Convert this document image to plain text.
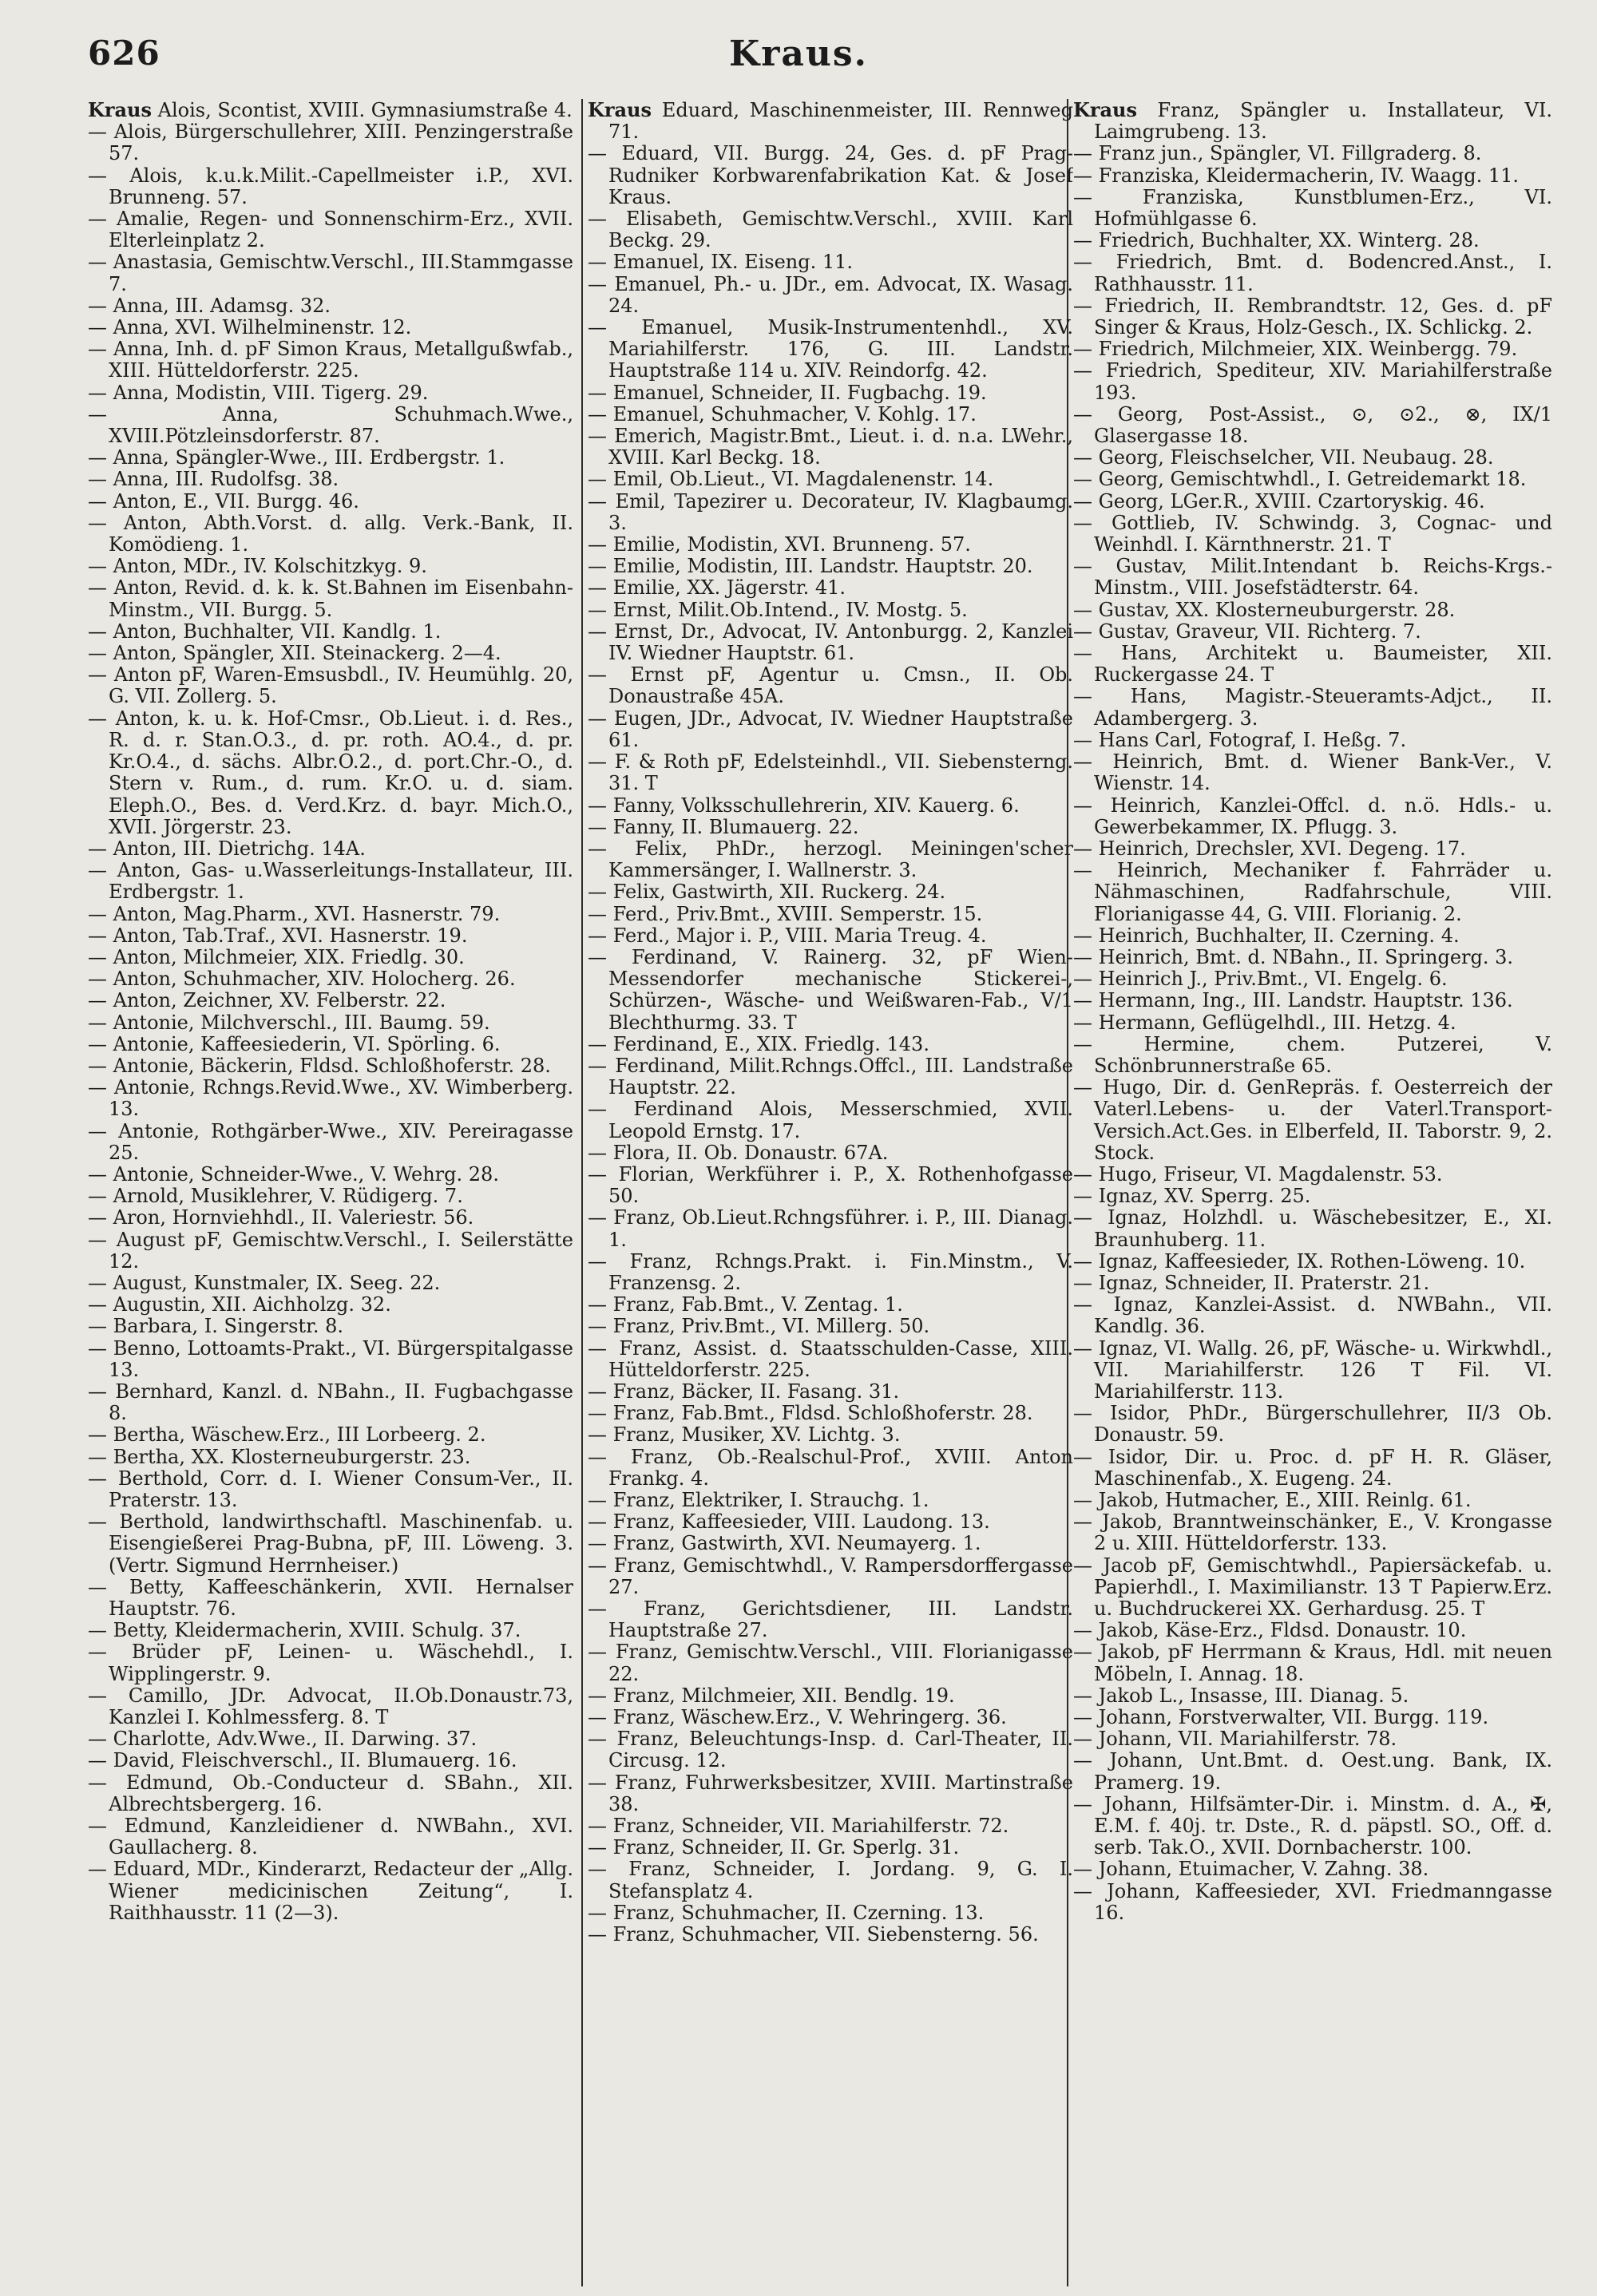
626	Kraus.
Kraus Alois, Scontist, XVIII. Gymnasiumstraße 4.
— Alois, Bürgerschullehrer, XIII. Penzingerstraße 57.
— Alois, k.u.k.Milit.-Capellmeister i.P., XVI. Brunneng. 57.
— Amalie, Regen- und Sonnenschirm-Erz., XVII. Elterleinplatz 2.
— Anastasia, Gemischtw.Verschl., III.Stammgasse 7.
— Anna, III. Adamsg. 32.
— Anna, XVI. Wilhelminenstr. 12.
— Anna, Inh. d. pF Simon Kraus, Metallgußwfab., XIII. Hütteldorferstr. 225.
— Anna, Modistin, VIII. Tigerg. 29.
— Anna, Schuhmach.Wwe., XVIII.Pötzleinsdorferstr. 87.
— Anna, Spängler-Wwe., III. Erdbergstr. 1.
— Anna, III. Rudolfsg. 38.
— Anton, E., VII. Burgg. 46.
— Anton, Abth.Vorst. d. allg. Verk.-Bank, II. Komödieng. 1.
— Anton, MDr., IV. Kolschitzkyg. 9.
— Anton, Revid. d. k. k. St.Bahnen im Eisenbahn-Minstm., VII. Burgg. 5.
— Anton, Buchhalter, VII. Kandlg. 1.
— Anton, Spängler, XII. Steinackerg. 2—4.
— Anton pF, Waren-Emsusbdl., IV. Heumühlg. 20, G. VII. Zollerg. 5.
— Anton, k. u. k. Hof-Cmsr., Ob.Lieut. i. d. Res., R. d. r. Stan.O.3., d. pr. roth. AO.4., d. pr. Kr.O.4., d. sächs. Albr.O.2., d. port.Chr.-O., d. Stern v. Rum., d. rum. Kr.O. u. d. siam. Eleph.O., Bes. d. Verd.Krz. d. bayr. Mich.O., XVII. Jörgerstr. 23.
— Anton, III. Dietrichg. 14A.
— Anton, Gas- u.Wasserleitungs-Installateur, III. Erdbergstr. 1.
— Anton, Mag.Pharm., XVI. Hasnerstr. 79.
— Anton, Tab.Traf., XVI. Hasnerstr. 19.
— Anton, Milchmeier, XIX. Friedlg. 30.
— Anton, Schuhmacher, XIV. Holocherg. 26.
— Anton, Zeichner, XV. Felberstr. 22.
— Antonie, Milchverschl., III. Baumg. 59.
— Antonie, Kaffeesiederin, VI. Spörling. 6.
— Antonie, Bäckerin, Fldsd. Schloßhoferstr. 28.
— Antonie, Rchngs.Revid.Wwe., XV. Wimberberg. 13.
— Antonie, Rothgärber-Wwe., XIV. Pereiragasse 25.
— Antonie, Schneider-Wwe., V. Wehrg. 28.
— Arnold, Musiklehrer, V. Rüdigerg. 7.
— Aron, Hornviehhdl., II. Valeriestr. 56.
— August pF, Gemischtw.Verschl., I. Seilerstätte 12.
— August, Kunstmaler, IX. Seeg. 22.
— Augustin, XII. Aichholzg. 32.
— Barbara, I. Singerstr. 8.
— Benno, Lottoamts-Prakt., VI. Bürgerspitalgasse 13.
— Bernhard, Kanzl. d. NBahn., II. Fugbachgasse 8.
— Bertha, Wäschew.Erz., III Lorbeerg. 2.
— Bertha, XX. Klosterneuburgerstr. 23.
— Berthold, Corr. d. I. Wiener Consum-Ver., II. Praterstr. 13.
— Berthold, landwirthschaftl. Maschinenfab. u. Eisengießerei Prag-Bubna, pF, III. Löweng. 3. (Vertr. Sigmund Herrnheiser.)
— Betty, Kaffeeschänkerin, XVII. Hernalser Hauptstr. 76.
— Betty, Kleidermacherin, XVIII. Schulg. 37.
— Brüder pF, Leinen- u. Wäschehdl., I. Wipplingerstr. 9.
— Camillo, JDr. Advocat, II.Ob.Donaustr.73, Kanzlei I. Kohlmessferg. 8. T
— Charlotte, Adv.Wwe., II. Darwing. 37.
— David, Fleischverschl., II. Blumauerg. 16.
— Edmund, Ob.-Conducteur d. SBahn., XII. Albrechtsbergerg. 16.
— Edmund, Kanzleidiener d. NWBahn., XVI. Gaullacherg. 8.
— Eduard, MDr., Kinderarzt, Redacteur der „Allg. Wiener medicinischen Zeitung“, I. Raithhausstr. 11 (2—3).
Kraus Eduard, Maschinenmeister, III. Rennweg 71.
— Eduard, VII. Burgg. 24, Ges. d. pF Prag-Rudniker Korbwarenfabrikation Kat. & Josef Kraus.
— Elisabeth, Gemischtw.Verschl., XVIII. Karl Beckg. 29.
— Emanuel, IX. Eiseng. 11.
— Emanuel, Ph.- u. JDr., em. Advocat, IX. Wasag. 24.
— Emanuel, Musik-Instrumentenhdl., XV. Mariahilferstr. 176, G. III. Landstr. Hauptstraße 114 u. XIV. Reindorfg. 42.
— Emanuel, Schneider, II. Fugbachg. 19.
— Emanuel, Schuhmacher, V. Kohlg. 17.
— Emerich, Magistr.Bmt., Lieut. i. d. n.a. LWehr., XVIII. Karl Beckg. 18.
— Emil, Ob.Lieut., VI. Magdalenenstr. 14.
— Emil, Tapezirer u. Decorateur, IV. Klagbaumg. 3.
— Emilie, Modistin, XVI. Brunneng. 57.
— Emilie, Modistin, III. Landstr. Hauptstr. 20.
— Emilie, XX. Jägerstr. 41.
— Ernst, Milit.Ob.Intend., IV. Mostg. 5.
— Ernst, Dr., Advocat, IV. Antonburgg. 2, Kanzlei IV. Wiedner Hauptstr. 61.
— Ernst pF, Agentur u. Cmsn., II. Ob. Donaustraße 45A.
— Eugen, JDr., Advocat, IV. Wiedner Hauptstraße 61.
— F. & Roth pF, Edelsteinhdl., VII. Siebensterng. 31. T
— Fanny, Volksschullehrerin, XIV. Kauerg. 6.
— Fanny, II. Blumauerg. 22.
— Felix, PhDr., herzogl. Meiningen'scher Kammersänger, I. Wallnerstr. 3.
— Felix, Gastwirth, XII. Ruckerg. 24.
— Ferd., Priv.Bmt., XVIII. Semperstr. 15.
— Ferd., Major i. P., VIII. Maria Treug. 4.
— Ferdinand, V. Rainerg. 32, pF Wien-Messendorfer mechanische Stickerei-, Schürzen-, Wäsche- und Weißwaren-Fab., V/1 Blechthurmg. 33. T
— Ferdinand, E., XIX. Friedlg. 143.
— Ferdinand, Milit.Rchngs.Offcl., III. Landstraße Hauptstr. 22.
— Ferdinand Alois, Messerschmied, XVII. Leopold Ernstg. 17.
— Flora, II. Ob. Donaustr. 67A.
— Florian, Werkführer i. P., X. Rothenhofgasse 50.
— Franz, Ob.Lieut.Rchngsführer. i. P., III. Dianag. 1.
— Franz, Rchngs.Prakt. i. Fin.Minstm., V. Franzensg. 2.
— Franz, Fab.Bmt., V. Zentag. 1.
— Franz, Priv.Bmt., VI. Millerg. 50.
— Franz, Assist. d. Staatsschulden-Casse, XIII. Hütteldorferstr. 225.
— Franz, Bäcker, II. Fasang. 31.
— Franz, Fab.Bmt., Fldsd. Schloßhoferstr. 28.
— Franz, Musiker, XV. Lichtg. 3.
— Franz, Ob.-Realschul-Prof., XVIII. Anton Frankg. 4.
— Franz, Elektriker, I. Strauchg. 1.
— Franz, Kaffeesieder, VIII. Laudong. 13.
— Franz, Gastwirth, XVI. Neumayerg. 1.
— Franz, Gemischtwhdl., V. Rampersdorffergasse 27.
— Franz, Gerichtsdiener, III. Landstr. Hauptstraße 27.
— Franz, Gemischtw.Verschl., VIII. Florianigasse 22.
— Franz, Milchmeier, XII. Bendlg. 19.
— Franz, Wäschew.Erz., V. Wehringerg. 36.
— Franz, Beleuchtungs-Insp. d. Carl-Theater, II. Circusg. 12.
— Franz, Fuhrwerksbesitzer, XVIII. Martinstraße 38.
— Franz, Schneider, VII. Mariahilferstr. 72.
— Franz, Schneider, II. Gr. Sperlg. 31.
— Franz, Schneider, I. Jordang. 9, G. I. Stefansplatz 4.
— Franz, Schuhmacher, II. Czerning. 13.
— Franz, Schuhmacher, VII. Siebensterng. 56.
Kraus Franz, Spängler u. Installateur, VI. Laimgrubeng. 13.
— Franz jun., Spängler, VI. Fillgraderg. 8.
— Franziska, Kleidermacherin, IV. Waagg. 11.
— Franziska, Kunstblumen-Erz., VI. Hofmühlgasse 6.
— Friedrich, Buchhalter, XX. Winterg. 28.
— Friedrich, Bmt. d. Bodencred.Anst., I. Rathhausstr. 11.
— Friedrich, II. Rembrandtstr. 12, Ges. d. pF Singer & Kraus, Holz-Gesch., IX. Schlickg. 2.
— Friedrich, Milchmeier, XIX. Weinbergg. 79.
— Friedrich, Spediteur, XIV. Mariahilferstraße 193.
— Georg, Post-Assist., ⊙, ⊙2., ⊗, IX/1 Glasergasse 18.
— Georg, Fleischselcher, VII. Neubaug. 28.
— Georg, Gemischtwhdl., I. Getreidemarkt 18.
— Georg, LGer.R., XVIII. Czartoryskig. 46.
— Gottlieb, IV. Schwindg. 3, Cognac- und Weinhdl. I. Kärnthnerstr. 21. T
— Gustav, Milit.Intendant b. Reichs-Krgs.-Minstm., VIII. Josefstädterstr. 64.
— Gustav, XX. Klosterneuburgerstr. 28.
— Gustav, Graveur, VII. Richterg. 7.
— Hans, Architekt u. Baumeister, XII. Ruckergasse 24. T
— Hans, Magistr.-Steueramts-Adjct., II. Adambergerg. 3.
— Hans Carl, Fotograf, I. Heßg. 7.
— Heinrich, Bmt. d. Wiener Bank-Ver., V. Wienstr. 14.
— Heinrich, Kanzlei-Offcl. d. n.ö. Hdls.- u. Gewerbekammer, IX. Pflugg. 3.
— Heinrich, Drechsler, XVI. Degeng. 17.
— Heinrich, Mechaniker f. Fahrräder u. Nähmaschinen, Radfahrschule, VIII. Florianigasse 44, G. VIII. Florianig. 2.
— Heinrich, Buchhalter, II. Czerning. 4.
— Heinrich, Bmt. d. NBahn., II. Springerg. 3.
— Heinrich J., Priv.Bmt., VI. Engelg. 6.
— Hermann, Ing., III. Landstr. Hauptstr. 136.
— Hermann, Geflügelhdl., III. Hetzg. 4.
— Hermine, chem. Putzerei, V. Schönbrunnerstraße 65.
— Hugo, Dir. d. GenRepräs. f. Oesterreich der Vaterl.Lebens- u. der Vaterl.Transport-Versich.Act.Ges. in Elberfeld, II. Taborstr. 9, 2. Stock.
— Hugo, Friseur, VI. Magdalenstr. 53.
— Ignaz, XV. Sperrg. 25.
— Ignaz, Holzhdl. u. Wäschebesitzer, E., XI. Braunhuberg. 11.
— Ignaz, Kaffeesieder, IX. Rothen-Löweng. 10.
— Ignaz, Schneider, II. Praterstr. 21.
— Ignaz, Kanzlei-Assist. d. NWBahn., VII. Kandlg. 36.
— Ignaz, VI. Wallg. 26, pF, Wäsche- u. Wirkwhdl., VII. Mariahilferstr. 126 T Fil. VI. Mariahilferstr. 113.
— Isidor, PhDr., Bürgerschullehrer, II/3 Ob. Donaustr. 59.
— Isidor, Dir. u. Proc. d. pF H. R. Gläser, Maschinenfab., X. Eugeng. 24.
— Jakob, Hutmacher, E., XIII. Reinlg. 61.
— Jakob, Branntweinschänker, E., V. Krongasse 2 u. XIII. Hütteldorferstr. 133.
— Jacob pF, Gemischtwhdl., Papiersäckefab. u. Papierhdl., I. Maximilianstr. 13 T Papierw.Erz. u. Buchdruckerei XX. Gerhardusg. 25. T
— Jakob, Käse-Erz., Fldsd. Donaustr. 10.
— Jakob, pF Herrmann & Kraus, Hdl. mit neuen Möbeln, I. Annag. 18.
— Jakob L., Insasse, III. Dianag. 5.
— Johann, Forstverwalter, VII. Burgg. 119.
— Johann, VII. Mariahilferstr. 78.
— Johann, Unt.Bmt. d. Oest.ung. Bank, IX. Pramerg. 19.
— Johann, Hilfsämter-Dir. i. Minstm. d. A., ✠, E.M. f. 40j. tr. Dste., R. d. päpstl. SO., Off. d. serb. Tak.O., XVII. Dornbacherstr. 100.
— Johann, Etuimacher, V. Zahng. 38.
— Johann, Kaffeesieder, XVI. Friedmanngasse 16.
